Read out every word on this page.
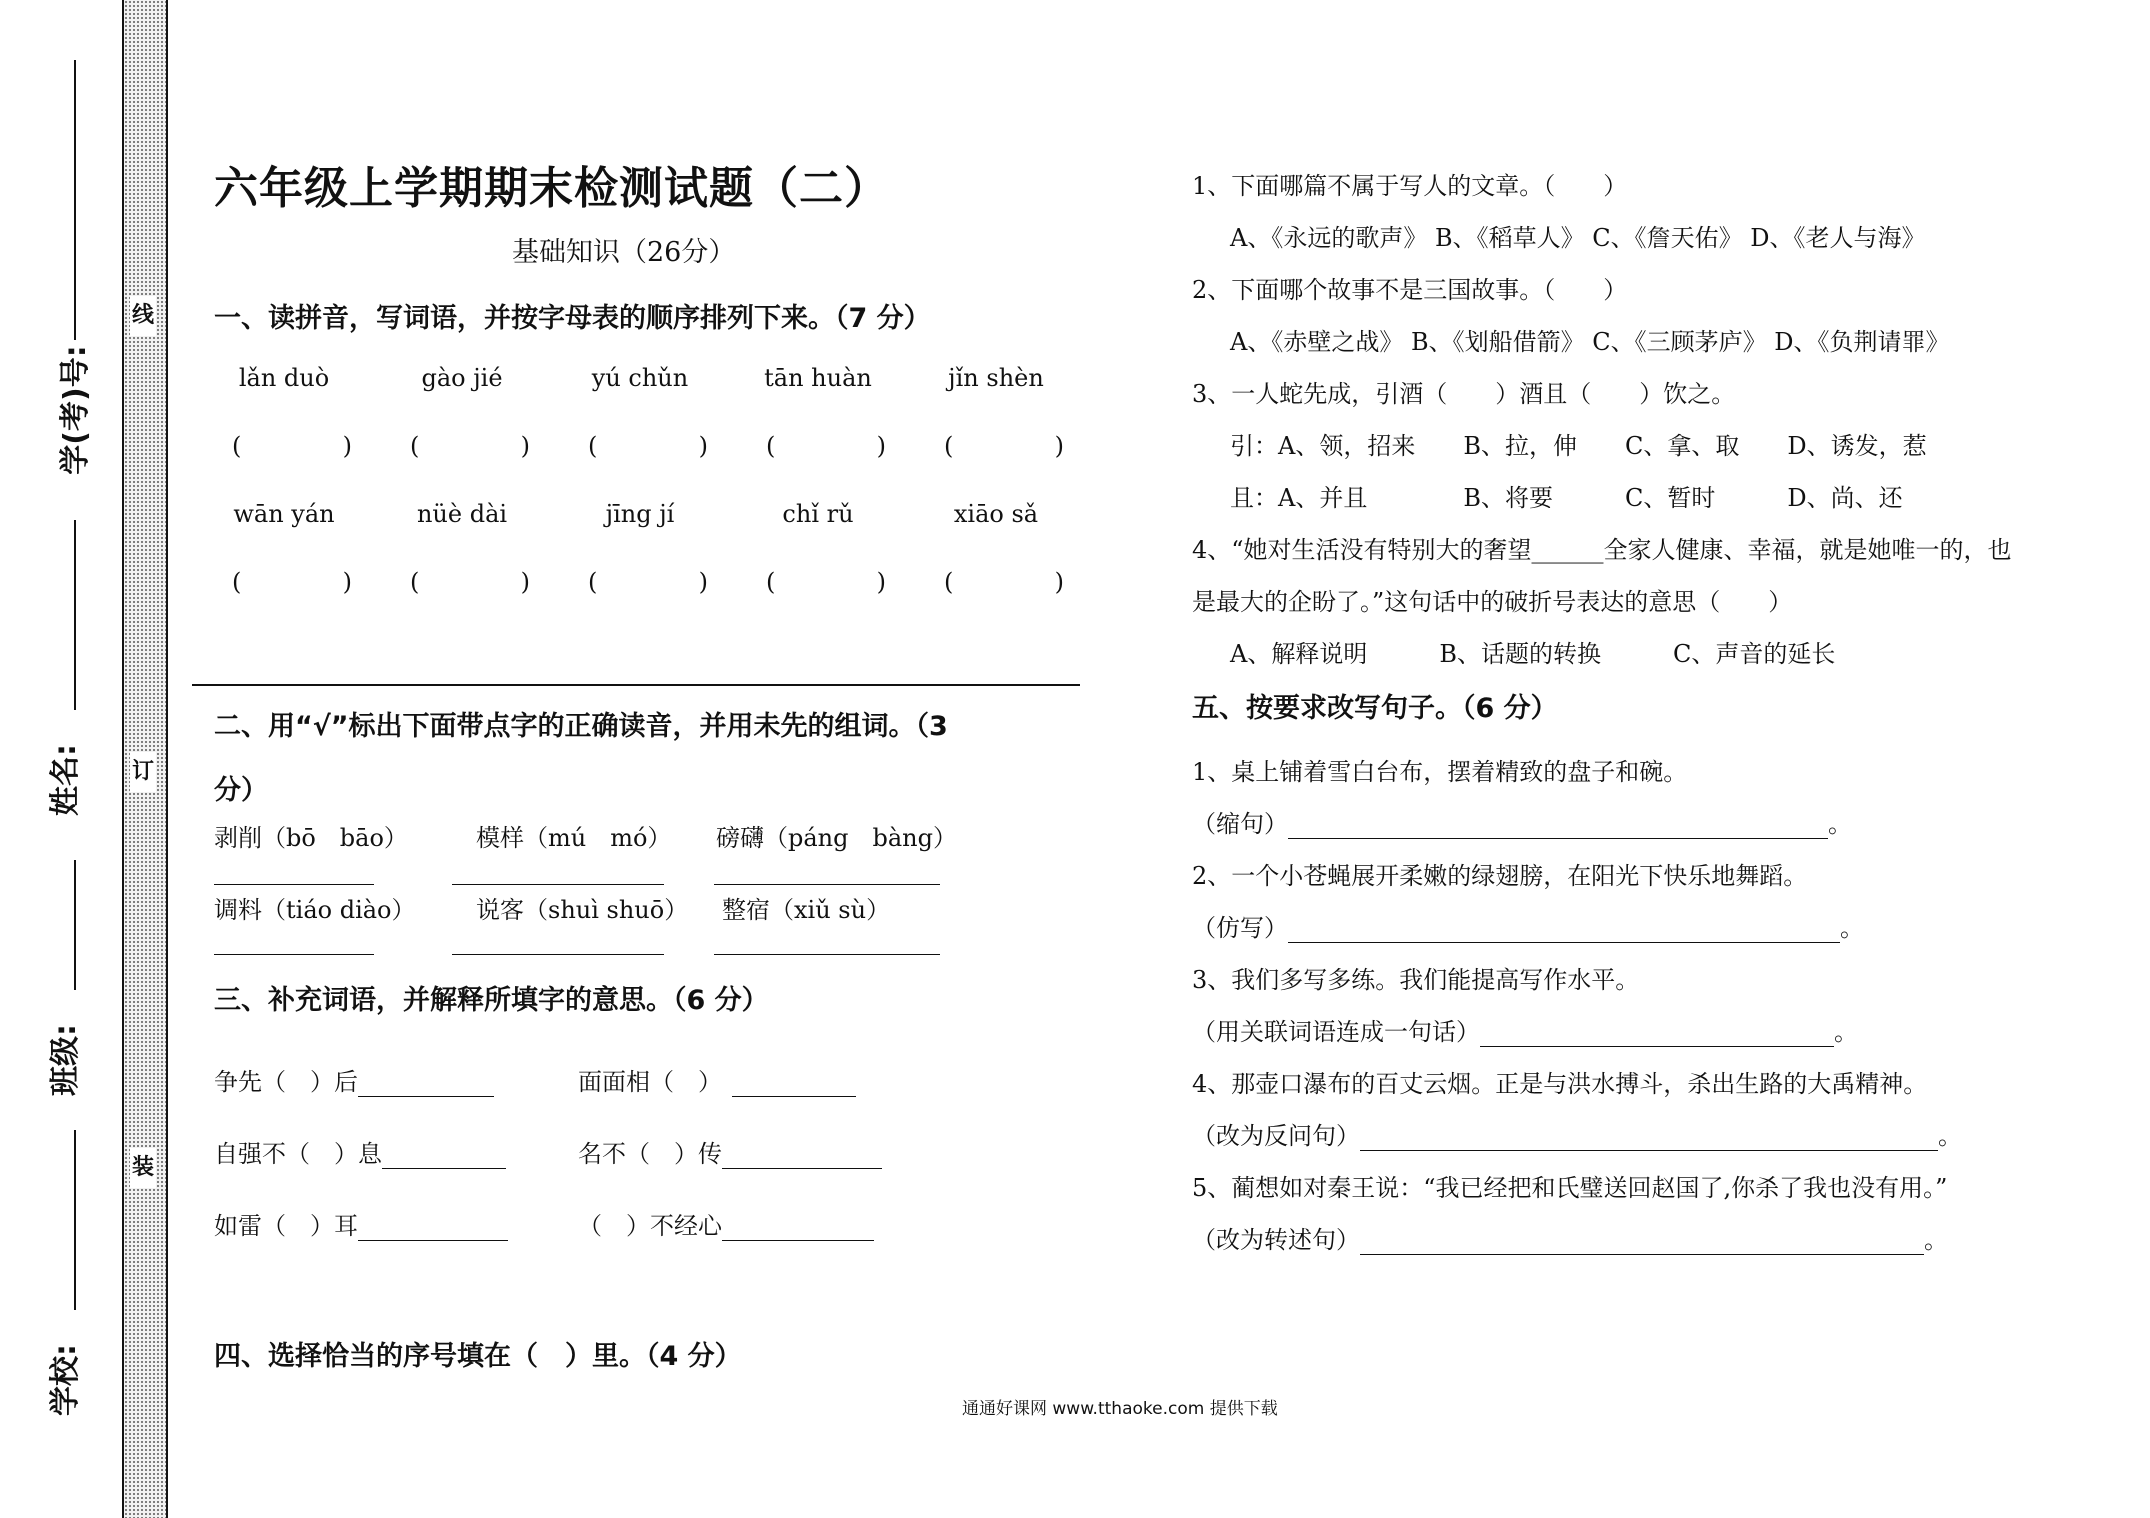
学(考)号:
姓名:
班级:
学校:
线
订
装
六年级上学期期末检测试题（二）
基础知识（26分）
一、读拼音，写词语，并按字母表的顺序排列下来。（7 分）
lǎn duò	gào jié	yú chǔn	tān huàn	jǐn shèn
(	) (	) (	) (	) (	)
wān yán	nüè dài	jīng jí	chǐ rǔ	xiāo sǎ
(	) (	) (	) (	) (	)
二、用“√”标出下面带点字的正确读音，并用未先的组词。（3
分）
剥削（bō　bāo）	模样（mú　mó） 磅礴（páng　bàng）
调料（tiáo diào）	说客（shuì shuō） 整宿（xiǔ sù）
三、补充词语，并解释所填字的意思。（6 分）
争先（　）后	面面相（　）
自强不（　）息	名不（　）传
如雷（　）耳	（　）不经心
四、选择恰当的序号填在（　）里。（4 分）
1、下面哪篇不属于写人的文章。（　　）
A、《永远的歌声》 B、《稻草人》 C、《詹天佑》 D、《老人与海》
2、下面哪个故事不是三国故事。（　　）
A、《赤壁之战》 B、《划船借箭》 C、《三顾茅庐》 D、《负荆请罪》
3、一人蛇先成，引酒（　　）酒且（　　）饮之。
引：A、领，招来　　B、拉，伸　　C、拿、取　　D、诱发，惹
且：A、并且　　　　B、将要　　　C、暂时　　　D、尚、还
4、“她对生活没有特别大的奢望______全家人健康、幸福，就是她唯一的，也
是最大的企盼了。”这句话中的破折号表达的意思（　　）
A、解释说明　　　B、话题的转换　　　C、声音的延长
五、按要求改写句子。（6 分）
1、桌上铺着雪白台布，摆着精致的盘子和碗。
（缩句）	。
2、一个小苍蝇展开柔嫩的绿翅膀，在阳光下快乐地舞蹈。
（仿写）	。
3、我们多写多练。我们能提高写作水平。
（用关联词语连成一句话）	。
4、那壶口瀑布的百丈云烟。正是与洪水搏斗，杀出生路的大禹精神。
（改为反问句）	。
5、蔺想如对秦王说：“我已经把和氏璧送回赵国了,你杀了我也没有用。”
（改为转述句）	。
通通好课网 www.tthaoke.com 提供下载
